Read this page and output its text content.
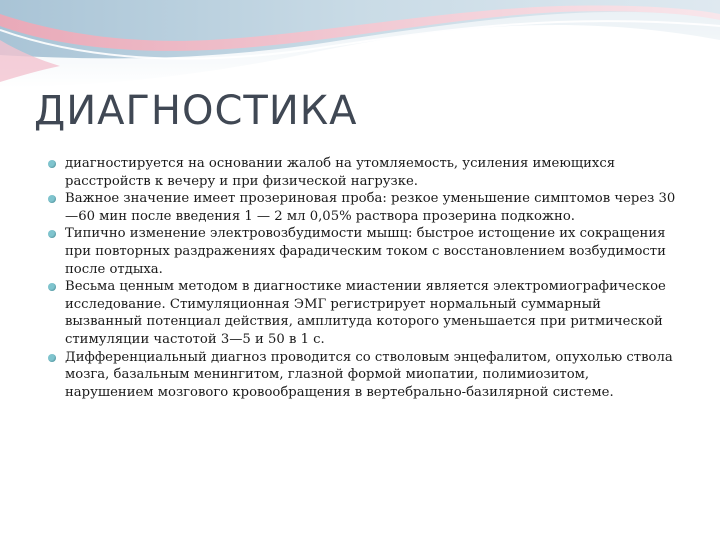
ДИАГНОСТИКА
диагностируется на основании жалоб на утомляемость, усиления имеющихся расстройств к вечеру и при физической нагрузке.
Важное значение имеет прозериновая проба: резкое уменьшение симптомов через 30—60 мин после введения 1 — 2 мл 0,05% раствора прозерина подкожно.
Типично изменение электровозбудимости мышц: быстрое истощение их сокращения при повторных раздражениях фарадическим током с восстановлением возбудимости после отдыха.
Весьма ценным методом в диагностике миастении является электромиографическое исследование. Стимуляционная ЭМГ регистрирует нормальный суммарный вызванный потенциал действия, амплитуда которого уменьшается при ритмической стимуляции частотой 3—5 и 50 в 1 с.
Дифференциальный диагноз проводится со стволовым энцефалитом, опухолью ствола мозга, базальным менингитом, глазной формой миопатии, полимиозитом, нарушением мозгового кровообращения в вертебрально-базилярной системе.
